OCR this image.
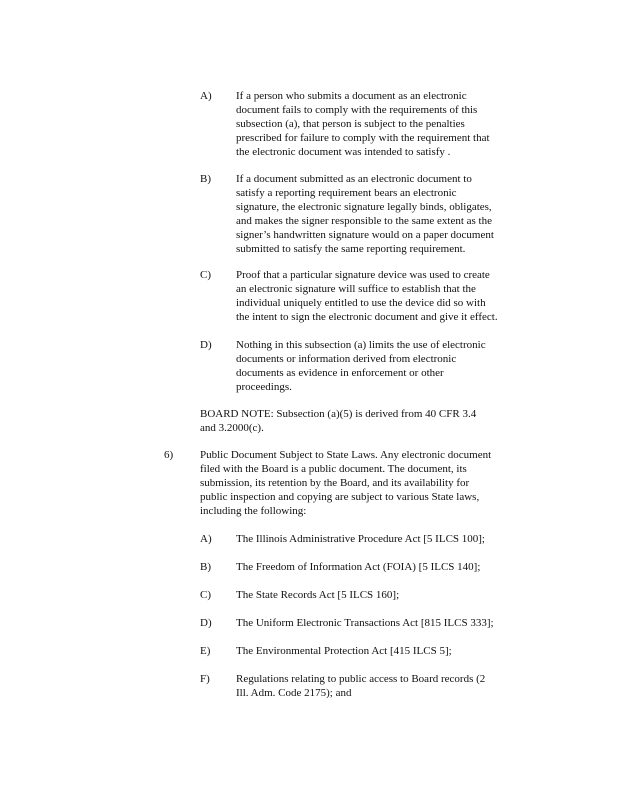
A) If a person who submits a document as an electronic
document fails to comply with the requirements of this
subsection (a), that person is subject to the penalties
prescribed for failure to comply with the requirement that
the electronic document was intended to satisfy .
B) If a document submitted as an electronic document to
satisfy a reporting requirement bears an electronic
signature, the electronic signature legally binds, obligates,
and makes the signer responsible to the same extent as the
signer’s handwritten signature would on a paper document
submitted to satisfy the same reporting requirement.
C) Proof that a particular signature device was used to create
an electronic signature will suffice to establish that the
individual uniquely entitled to use the device did so with
the intent to sign the electronic document and give it effect.
D) Nothing in this subsection (a) limits the use of electronic
documents or information derived from electronic
documents as evidence in enforcement or other
proceedings.
BOARD NOTE: Subsection (a)(5) is derived from 40 CFR 3.4
and 3.2000(c).
6) Public Document Subject to State Laws. Any electronic document
filed with the Board is a public document. The document, its
submission, its retention by the Board, and its availability for
public inspection and copying are subject to various State laws,
including the following:
A) The Illinois Administrative Procedure Act [5 ILCS 100];
B) The Freedom of Information Act (FOIA) [5 ILCS 140];
C) The State Records Act [5 ILCS 160];
D) The Uniform Electronic Transactions Act [815 ILCS 333];
E) The Environmental Protection Act [415 ILCS 5];
F) Regulations relating to public access to Board records (2
Ill. Adm. Code 2175); and
